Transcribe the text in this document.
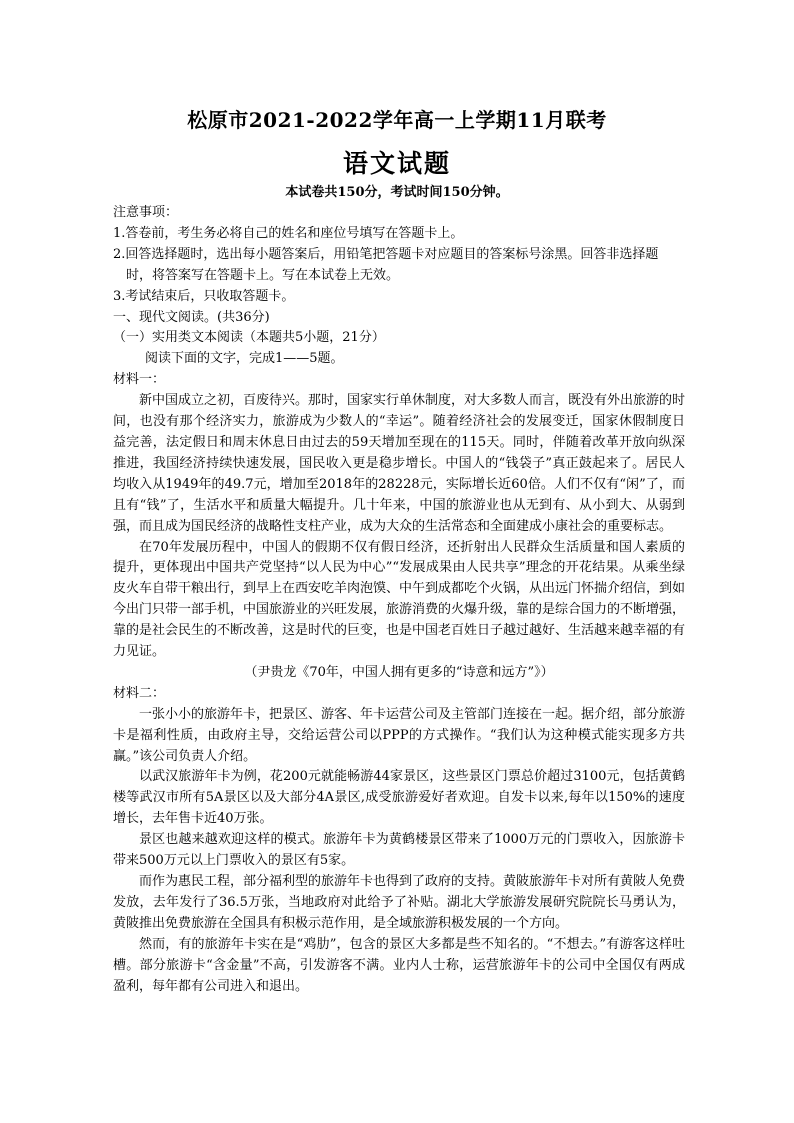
松原市2021-2022学年高一上学期11月联考
语文试题
本试卷共150分，考试时间150分钟。

注意事项：

1.答卷前，考生务必将自己的姓名和座位号填写在答题卡上。

2.回答选择题时，选出每小题答案后，用铅笔把答题卡对应题目的答案标号涂黑。回答非选择题

时，将答案写在答题卡上。写在本试卷上无效。

3.考试结束后，只收取答题卡。

一、现代文阅读。(共36分)

（一）实用类文本阅读（本题共5小题，21分）

阅读下面的文字，完成1——5题。

材料一：

新中国成立之初，百废待兴。那时，国家实行单休制度，对大多数人而言，既没有外出旅游的时间，也没有那个经济实力，旅游成为少数人的“幸运”。随着经济社会的发展变迁，国家休假制度日益完善，法定假日和周末休息日由过去的59天增加至现在的115天。同时，伴随着改革开放向纵深推进，我国经济持续快速发展，国民收入更是稳步增长。中国人的“钱袋子”真正鼓起来了。居民人均收入从1949年的49.7元，增加至2018年的28228元，实际增长近60倍。人们不仅有“闲”了，而且有“钱”了，生活水平和质量大幅提升。几十年来，中国的旅游业也从无到有、从小到大、从弱到强，而且成为国民经济的战略性支柱产业，成为大众的生活常态和全面建成小康社会的重要标志。

在70年发展历程中，中国人的假期不仅有假日经济，还折射出人民群众生活质量和国人素质的提升，更体现出中国共产党坚持“以人民为中心”“发展成果由人民共享”理念的开花结果。从乘坐绿皮火车自带干粮出行，到早上在西安吃羊肉泡馍、中午到成都吃个火锅，从出远门怀揣介绍信，到如今出门只带一部手机，中国旅游业的兴旺发展，旅游消费的火爆升级，靠的是综合国力的不断增强，靠的是社会民生的不断改善，这是时代的巨变，也是中国老百姓日子越过越好、生活越来越幸福的有力见证。

（尹贵龙《70年，中国人拥有更多的“诗意和远方”》）

材料二：

一张小小的旅游年卡，把景区、游客、年卡运营公司及主管部门连接在一起。据介绍，部分旅游卡是福利性质，由政府主导，交给运营公司以PPP的方式操作。“我们认为这种模式能实现多方共赢。”该公司负责人介绍。

以武汉旅游年卡为例，花200元就能畅游44家景区，这些景区门票总价超过3100元，包括黄鹤楼等武汉市所有5A景区以及大部分4A景区,成受旅游爱好者欢迎。自发卡以来,每年以150%的速度增长，去年售卡近40万张。

景区也越来越欢迎这样的模式。旅游年卡为黄鹤楼景区带来了1000万元的门票收入，因旅游卡带来500万元以上门票收入的景区有5家。

而作为惠民工程，部分福利型的旅游年卡也得到了政府的支持。黄陂旅游年卡对所有黄陂人免费发放，去年发行了36.5万张，当地政府对此给予了补贴。湖北大学旅游发展研究院院长马勇认为，黄陂推出免费旅游在全国具有积极示范作用，是全域旅游积极发展的一个方向。

然而，有的旅游年卡实在是“鸡肋”，包含的景区大多都是些不知名的。“不想去。”有游客这样吐槽。部分旅游卡“含金量”不高，引发游客不满。业内人士称，运营旅游年卡的公司中全国仅有两成盈利，每年都有公司进入和退出。
